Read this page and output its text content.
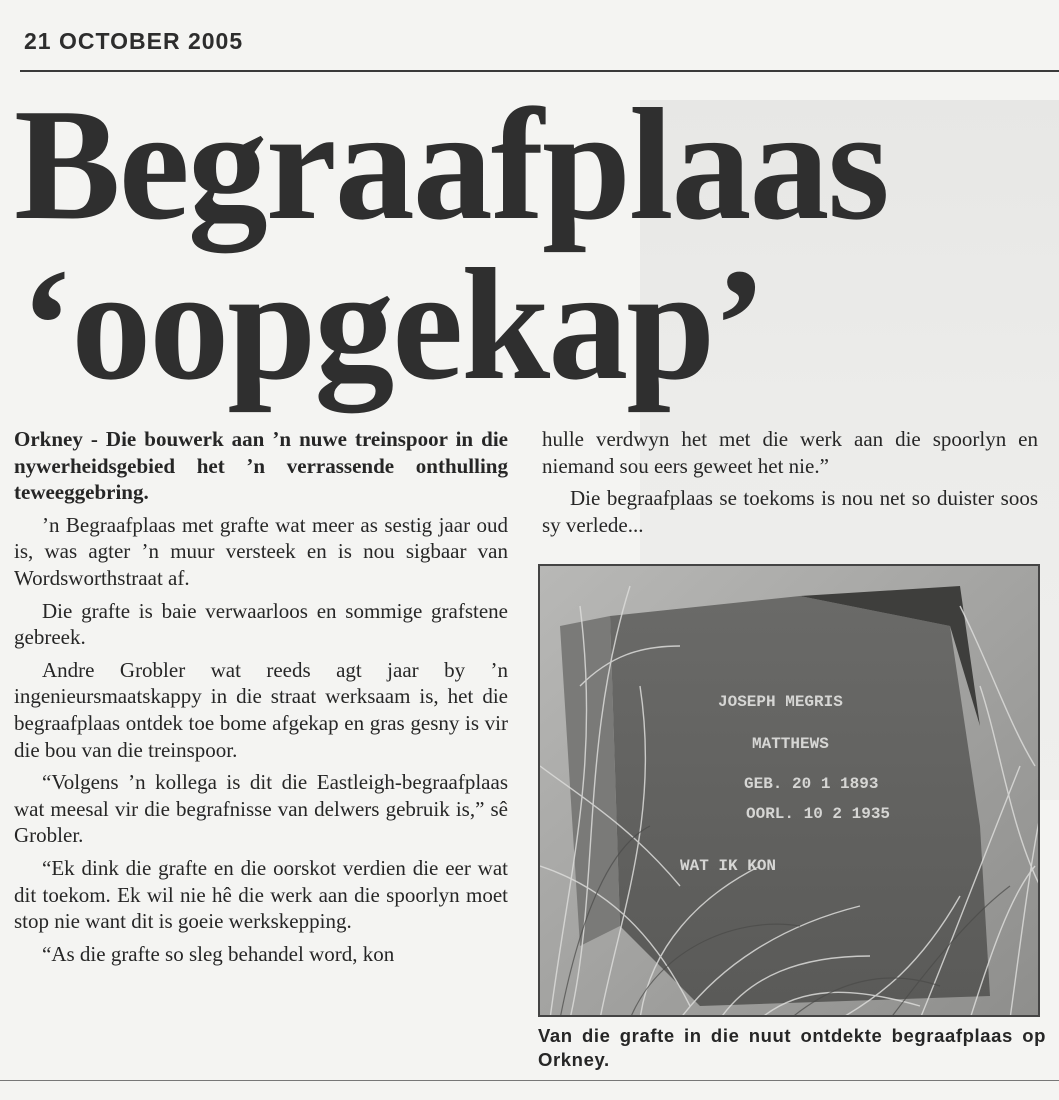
21 OCTOBER 2005
Begraafplaas
‘oopgekap’

Orkney - Die bouwerk aan ’n nuwe treinspoor in die nywerheidsgebied het ’n verrassende onthulling teweeggebring.

’n Begraafplaas met grafte wat meer as sestig jaar oud is, was agter ’n muur versteek en is nou sigbaar van Wordsworthstraat af.

Die grafte is baie verwaarloos en sommige grafstene gebreek.

Andre Grobler wat reeds agt jaar by ’n ingenieursmaatskappy in die straat werksaam is, het die begraafplaas ontdek toe bome afgekap en gras gesny is vir die bou van die treinspoor.

“Volgens ’n kollega is dit die Eastleigh-begraafplaas wat meesal vir die begrafnisse van delwers gebruik is,” sê Grobler.

“Ek dink die grafte en die oorskot verdien die eer wat dit toekom. Ek wil nie hê die werk aan die spoorlyn moet stop nie want dit is goeie werkskepping.

“As die grafte so sleg behandel word, kon

hulle verdwyn het met die werk aan die spoorlyn en niemand sou eers geweet het nie.”

Die begraafplaas se toekoms is nou net so duister soos sy verlede...

JOSEPH MEGRIS
MATTHEWS
GEB. 20 1 1893
OORL. 10 2 1935
WAT IK KON
Van die grafte in die nuut ontdekte begraafplaas op Orkney.
